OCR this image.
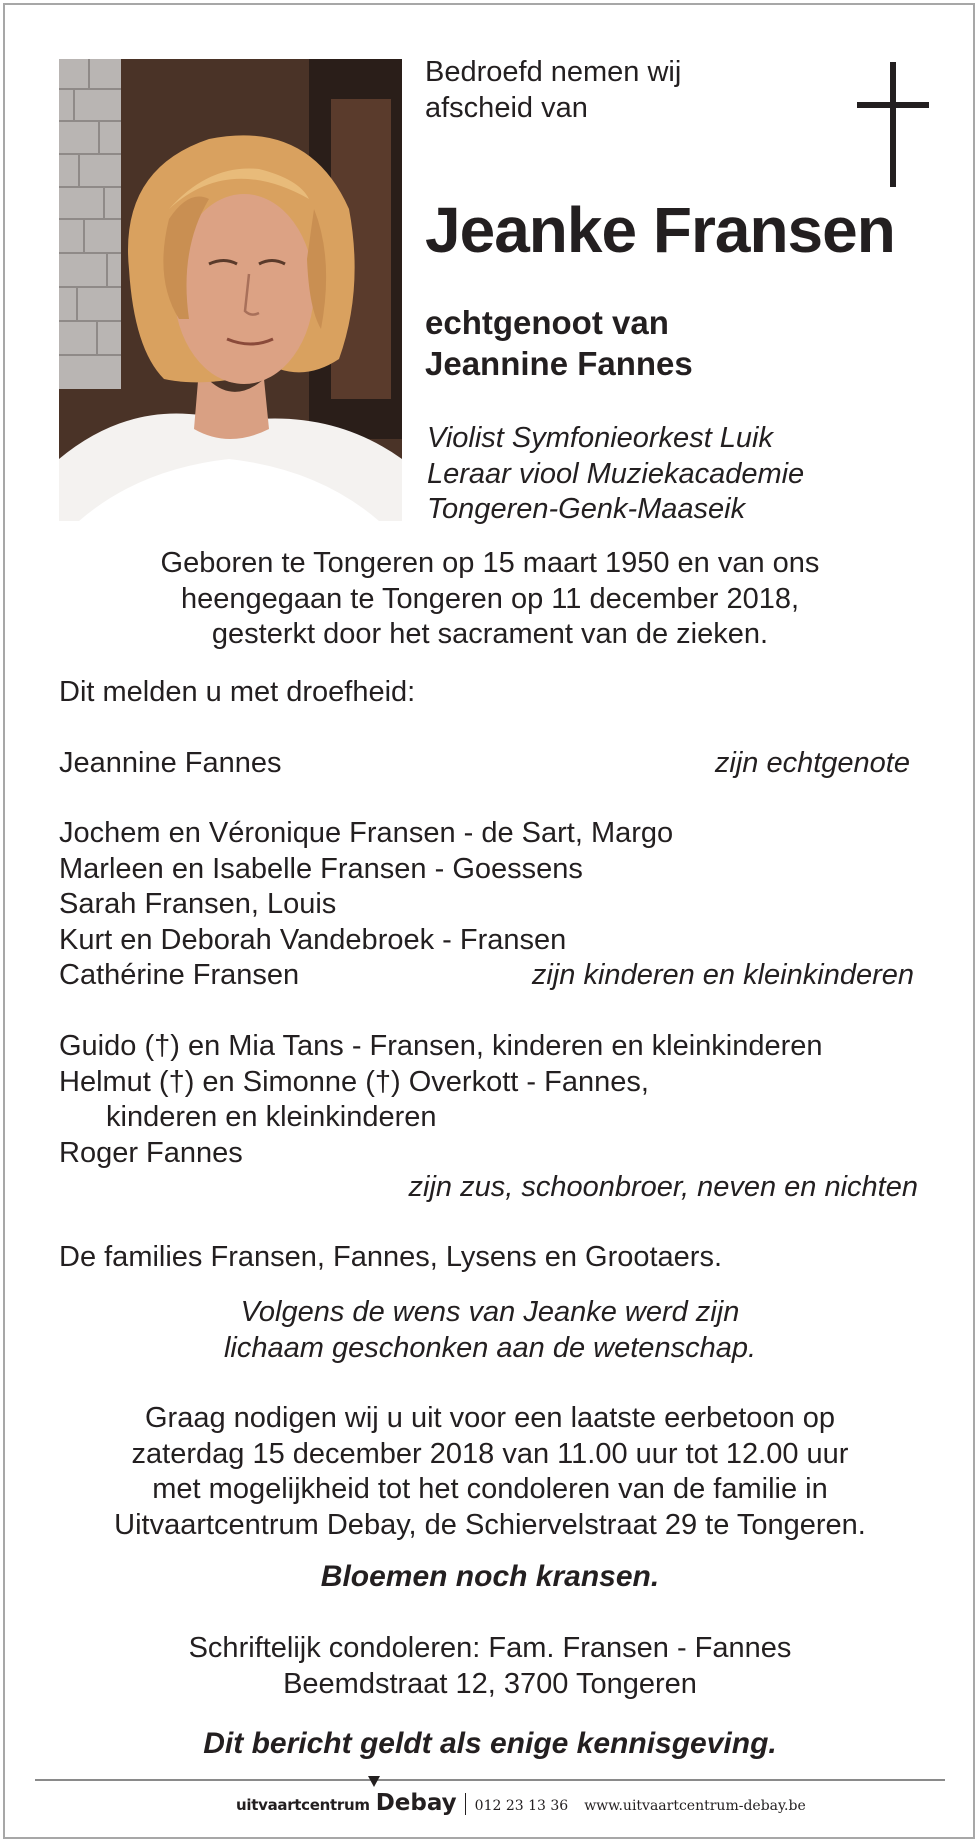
Bedroefd nemen wij
afscheid van
Jeanke Fransen
echtgenoot van
Jeannine Fannes
Violist Symfonieorkest Luik
Leraar viool Muziekacademie
Tongeren-Genk-Maaseik
Geboren te Tongeren op 15 maart 1950 en van ons
heengegaan te Tongeren op 11 december 2018,
gesterkt door het sacrament van de zieken.
Dit melden u met droefheid:
Jeannine Fannes	zijn echtgenote
Jochem en Véronique Fransen - de Sart, Margo
Marleen en Isabelle Fransen - Goessens
Sarah Fransen, Louis
Kurt en Deborah Vandebroek - Fransen
Cathérine Fransen	zijn kinderen en kleinkinderen
Guido (†) en Mia Tans - Fransen, kinderen en kleinkinderen
Helmut (†) en Simonne (†) Overkott - Fannes,
kinderen en kleinkinderen
Roger Fannes
zijn zus, schoonbroer, neven en nichten
De families Fransen, Fannes, Lysens en Grootaers.
Volgens de wens van Jeanke werd zijn
lichaam geschonken aan de wetenschap.
Graag nodigen wij u uit voor een laatste eerbetoon op
zaterdag 15 december 2018 van 11.00 uur tot 12.00 uur
met mogelijkheid tot het condoleren van de familie in
Uitvaartcentrum Debay, de Schiervelstraat 29 te Tongeren.
Bloemen noch kransen.
Schriftelijk condoleren: Fam. Fransen - Fannes
Beemdstraat 12, 3700 Tongeren
Dit bericht geldt als enige kennisgeving.
uitvaartcentrum Debay 012 23 13 36 www.uitvaartcentrum-debay.be
